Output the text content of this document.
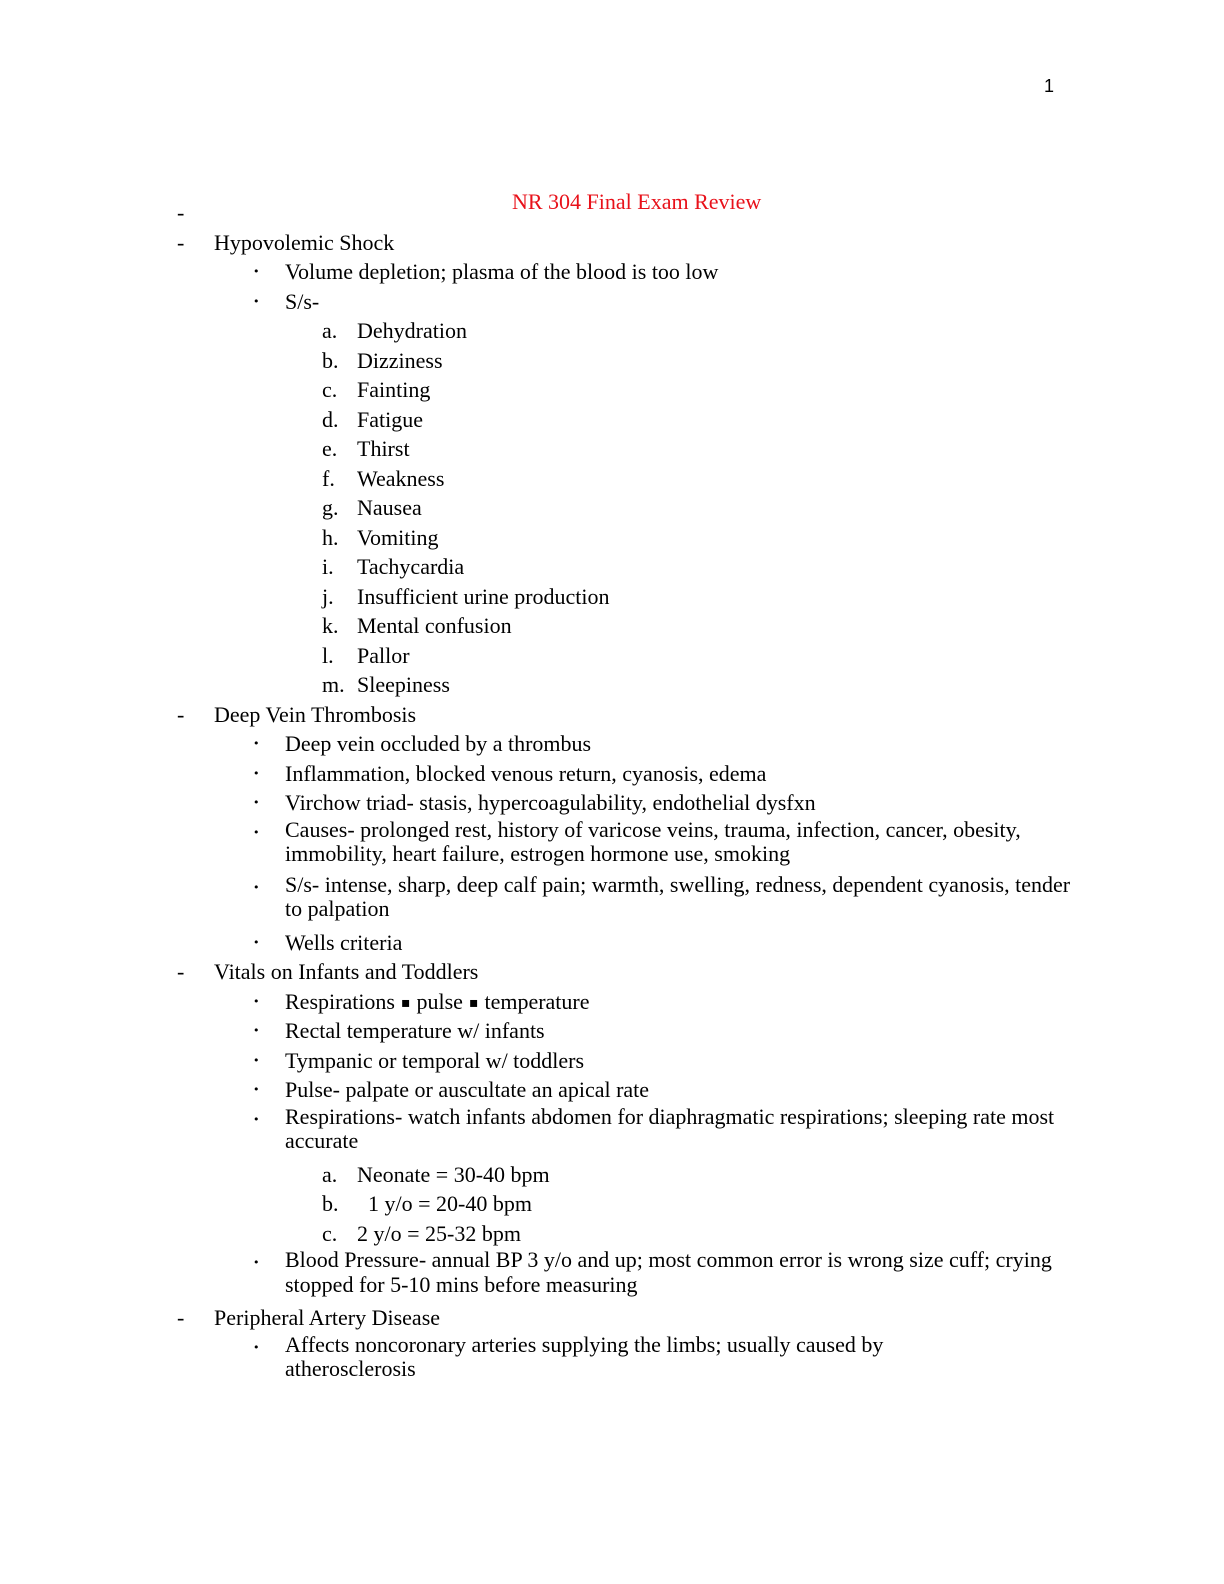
1
NR 304 Final Exam Review
-
- Hypovolemic Shock
• Volume depletion; plasma of the blood is too low
• S/s-
a. Dehydration
b. Dizziness
c. Fainting
d. Fatigue
e. Thirst
f. Weakness
g. Nausea
h. Vomiting
i. Tachycardia
j. Insufficient urine production
k. Mental confusion
l. Pallor
m. Sleepiness
- Deep Vein Thrombosis
• Deep vein occluded by a thrombus
• Inflammation, blocked venous return, cyanosis, edema
• Virchow triad- stasis, hypercoagulability, endothelial dysfxn
• Causes- prolonged rest, history of varicose veins, trauma, infection, cancer, obesity, immobility, heart failure, estrogen hormone use, smoking
• S/s- intense, sharp, deep calf pain; warmth, swelling, redness, dependent cyanosis, tender to palpation
• Wells criteria
- Vitals on Infants and Toddlers
• Respirations ▪ pulse ▪ temperature
• Rectal temperature w/ infants
• Tympanic or temporal w/ toddlers
• Pulse- palpate or auscultate an apical rate
• Respirations- watch infants abdomen for diaphragmatic respirations; sleeping rate most accurate
a. Neonate = 30-40 bpm
b. 1 y/o = 20-40 bpm
c. 2 y/o = 25-32 bpm
• Blood Pressure- annual BP 3 y/o and up; most common error is wrong size cuff; crying stopped for 5-10 mins before measuring
- Peripheral Artery Disease
• Affects noncoronary arteries supplying the limbs; usually caused by atherosclerosis
